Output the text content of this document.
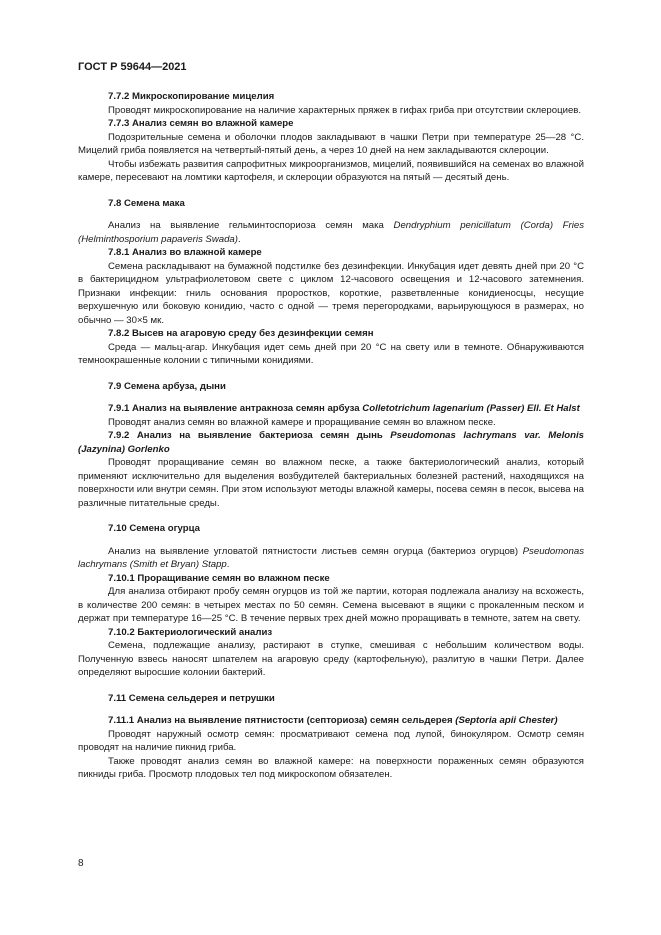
ГОСТ Р 59644—2021

7.7.2 Микроскопирование мицелия

Проводят микроскопирование на наличие характерных пряжек в гифах гриба при отсутствии склероциев.

7.7.3 Анализ семян во влажной камере

Подозрительные семена и оболочки плодов закладывают в чашки Петри при температуре 25—28 °С. Мицелий гриба появляется на четвертый-пятый день, а через 10 дней на нем закладываются склероции.

Чтобы избежать развития сапрофитных микроорганизмов, мицелий, появившийся на семенах во влажной камере, пересевают на ломтики картофеля, и склероции образуются на пятый — десятый день.

7.8 Семена мака

Анализ на выявление гельминтоспориоза семян мака Dendryphium penicillatum (Corda) Fries (Helminthosporium papaveris Swada).

7.8.1 Анализ во влажной камере

Семена раскладывают на бумажной подстилке без дезинфекции. Инкубация идет девять дней при 20 °С в бактерицидном ультрафиолетовом свете с циклом 12-часового освещения и 12-часового затемнения. Признаки инфекции: гниль основания проростков, короткие, разветвленные конидиеносцы, несущие верхушечную или боковую конидию, часто с одной — тремя перегородками, варьирующуюся в размерах, но обычно — 30×5 мк.

7.8.2 Высев на агаровую среду без дезинфекции семян

Среда — мальц-агар. Инкубация идет семь дней при 20 °С на свету или в темноте. Обнаруживаются темноокрашенные колонии с типичными конидиями.

7.9 Семена арбуза, дыни

7.9.1 Анализ на выявление антракноза семян арбуза Colletotrichum lagenarium (Passer) Ell. Et Halst

Проводят анализ семян во влажной камере и проращивание семян во влажном песке.

7.9.2 Анализ на выявление бактериоза семян дынь Pseudomonas lachrymans var. Melonis (Jazynina) Gorlenko

Проводят проращивание семян во влажном песке, а также бактериологический анализ, который применяют исключительно для выделения возбудителей бактериальных болезней растений, находящихся на поверхности или внутри семян. При этом используют методы влажной камеры, посева семян в песок, высева на различные питательные среды.

7.10 Семена огурца

Анализ на выявление угловатой пятнистости листьев семян огурца (бактериоз огурцов) Pseudomonas lachrymans (Smith et Bryan) Stapp.

7.10.1 Проращивание семян во влажном песке

Для анализа отбирают пробу семян огурцов из той же партии, которая подлежала анализу на всхожесть, в количестве 200 семян: в четырех местах по 50 семян. Семена высевают в ящики с прокаленным песком и держат при температуре 16—25 °С. В течение первых трех дней можно проращивать в темноте, затем на свету.

7.10.2 Бактериологический анализ

Семена, подлежащие анализу, растирают в ступке, смешивая с небольшим количеством воды. Полученную взвесь наносят шпателем на агаровую среду (картофельную), разлитую в чашки Петри. Далее определяют выросшие колонии бактерий.

7.11 Семена сельдерея и петрушки

7.11.1 Анализ на выявление пятнистости (септориоза) семян сельдерея (Septoria apii Chester)

Проводят наружный осмотр семян: просматривают семена под лупой, бинокуляром. Осмотр семян проводят на наличие пикнид гриба.

Также проводят анализ семян во влажной камере: на поверхности пораженных семян образуются пикниды гриба. Просмотр плодовых тел под микроскопом обязателен.

8
